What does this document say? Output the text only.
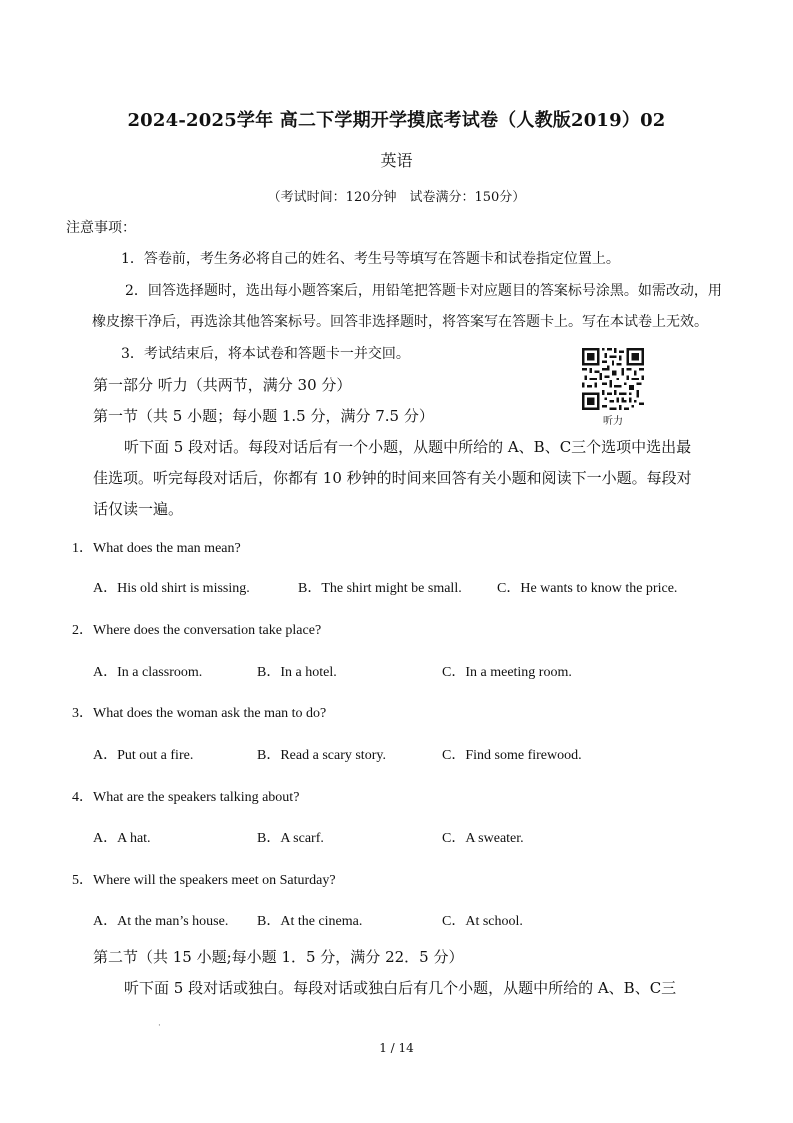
2024-2025学年 高二下学期开学摸底考试卷（人教版2019）02
英语
（考试时间：120分钟　试卷满分：150分）
注意事项：
1．答卷前，考生务必将自己的姓名、考生号等填写在答题卡和试卷指定位置上。
2．回答选择题时，选出每小题答案后，用铅笔把答题卡对应题目的答案标号涂黑。如需改动，用
橡皮擦干净后，再选涂其他答案标号。回答非选择题时，将答案写在答题卡上。写在本试卷上无效。
3．考试结束后，将本试卷和答题卡一并交回。
听力
第一部分 听力（共两节，满分 30 分）
第一节（共 5 小题；每小题 1.5 分，满分 7.5 分）
听下面 5 段对话。每段对话后有一个小题，从题中所给的 A、B、C三个选项中选出最
佳选项。听完每段对话后，你都有 10 秒钟的时间来回答有关小题和阅读下一小题。每段对
话仅读一遍。
1．What does the man mean?
A．His old shirt is missing.	B．The shirt might be small.	C．He wants to know the price.
2．Where does the conversation take place?
A．In a classroom.	B．In a hotel.	C．In a meeting room.
3．What does the woman ask the man to do?
A．Put out a fire.	B．Read a scary story.	C．Find some firewood.
4．What are the speakers talking about?
A．A hat.	B．A scarf.	C．A sweater.
5．Where will the speakers meet on Saturday?
A．At the man’s house. B．At the cinema.	C．At school.
第二节（共 15 小题;每小题 1．5 分，满分 22．5 分）
听下面 5 段对话或独白。每段对话或独白后有几个小题，从题中所给的 A、B、C三
·
1 / 14
